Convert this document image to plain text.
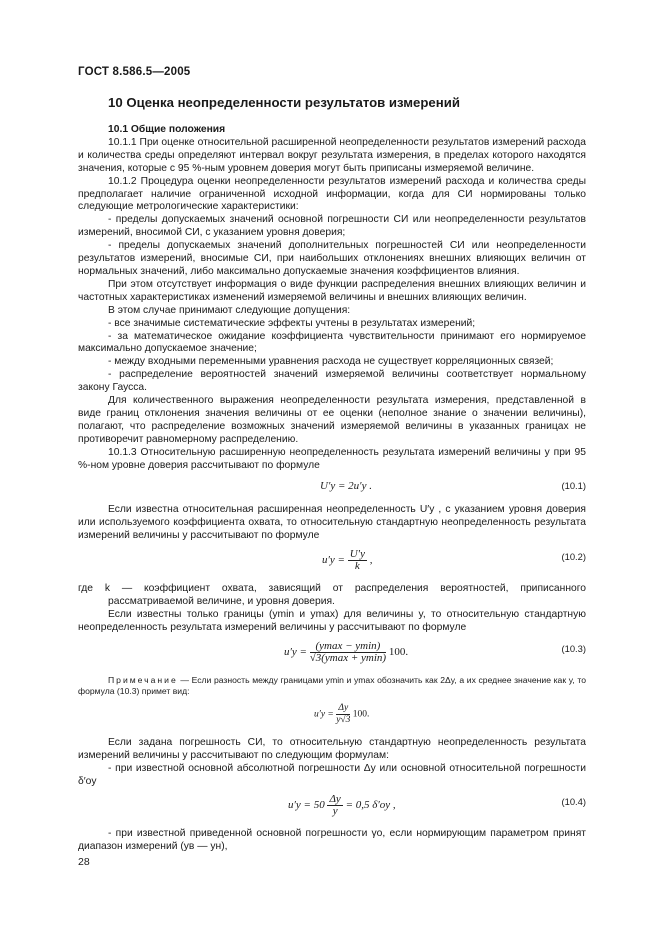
ГОСТ 8.586.5—2005
10 Оценка неопределенности результатов измерений

10.1 Общие положения

10.1.1 При оценке относительной расширенной неопределенности результатов измерений расхода и количества среды определяют интервал вокруг результата измерения, в пределах которого находятся значения, которые с 95 %-ным уровнем доверия могут быть приписаны измеряемой величине.

10.1.2 Процедура оценки неопределенности результатов измерений расхода и количества среды предполагает наличие ограниченной исходной информации, когда для СИ нормированы только следующие метрологические характеристики:

- пределы допускаемых значений основной погрешности СИ или неопределенности результатов измерений, вносимой СИ, с указанием уровня доверия;

- пределы допускаемых значений дополнительных погрешностей СИ или неопределенности результатов измерений, вносимые СИ, при наибольших отклонениях внешних влияющих величин от нормальных значений, либо максимально допускаемые значения коэффициентов влияния.

При этом отсутствует информация о виде функции распределения внешних влияющих величин и частотных характеристиках изменений измеряемой величины и внешних влияющих величин.

В этом случае принимают следующие допущения:

- все значимые систематические эффекты учтены в результатах измерений;

- за математическое ожидание коэффициента чувствительности принимают его нормируемое максимально допускаемое значение;

- между входными переменными уравнения расхода не существует корреляционных связей;

- распределение вероятностей значений измеряемой величины соответствует нормальному закону Гаусса.

Для количественного выражения неопределенности результата измерения, представленной в виде границ отклонения значения величины от ее оценки (неполное знание о значении величины), полагают, что распределение возможных значений измеряемой величины в указанных границах не противоречит равномерному распределению.

10.1.3 Относительную расширенную неопределенность результата измерений величины y при 95 %-ном уровне доверия рассчитывают по формуле

U′y = 2u′y .	(10.1)

Если известна относительная расширенная неопределенность U′y , с указанием уровня доверия или используемого коэффициента охвата, то относительную стандартную неопределенность результата измерений величины y рассчитывают по формуле

$u'y = \frac{U'y}{k}$ ,	(10.2)

где k — коэффициент охвата, зависящий от распределения вероятностей, приписанного рассматриваемой величине, и уровня доверия.

Если известны только границы (ymin и ymax) для величины y, то относительную стандартную неопределенность результата измерений величины y рассчитывают по формуле

$u'y = \frac{(ymax - ymin)}{√3(ymax + ymin)} 100$.	(10.3)

Примечание — Если разность между границами ymin и ymax обозначить как 2Δy, а их среднее значение как y, то формула (10.3) примет вид:

$u'y = \frac{\Delta y}{y√3} 100$.

Если задана погрешность СИ, то относительную стандартную неопределенность результата измерений величины y рассчитывают по следующим формулам:

- при известной основной абсолютной погрешности Δy или основной относительной погрешности δ′оy

$u'y = 50 \frac{\Delta y}{y} = 0,5$ δ′оy ,	(10.4)

- при известной приведенной основной погрешности γо, если нормирующим параметром принят диапазон измерений (yв — yн),

28
